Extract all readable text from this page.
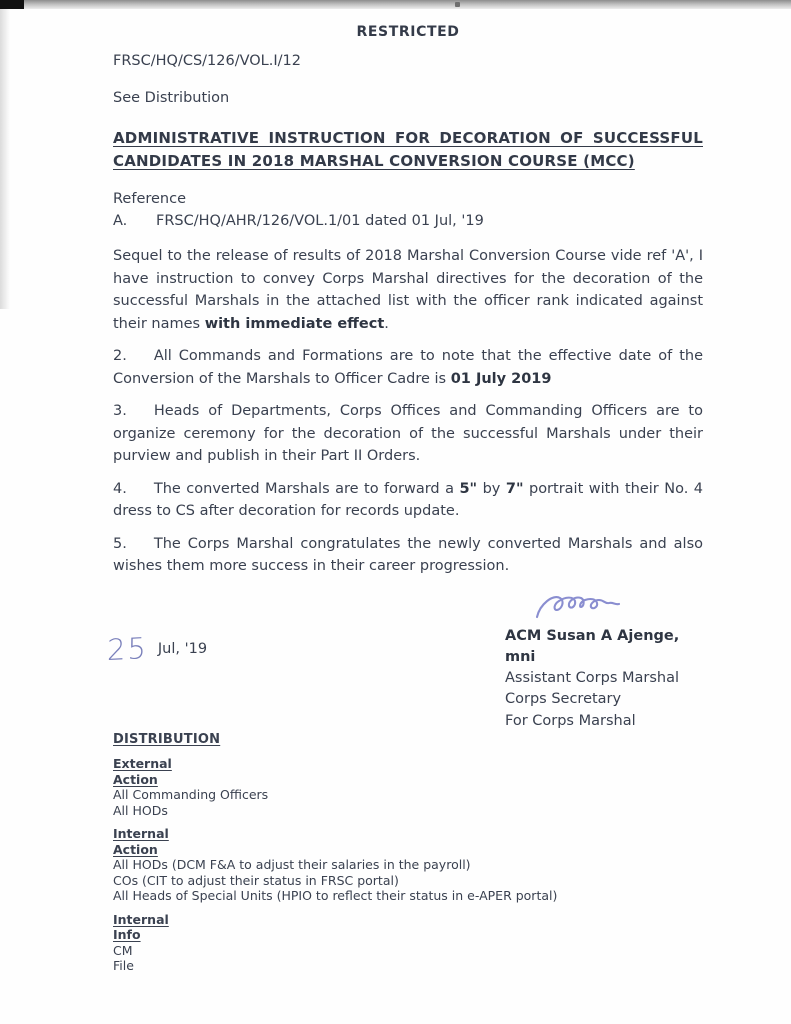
RESTRICTED
FRSC/HQ/CS/126/VOL.I/12
See Distribution
ADMINISTRATIVE INSTRUCTION FOR DECORATION OF SUCCESSFUL CANDIDATES IN 2018 MARSHAL CONVERSION COURSE (MCC)
Reference
A. FRSC/HQ/AHR/126/VOL.1/01 dated 01 Jul, '19

Sequel to the release of results of 2018 Marshal Conversion Course vide ref 'A', I have instruction to convey Corps Marshal directives for the decoration of the successful Marshals in the attached list with the officer rank indicated against their names with immediate effect.

2. All Commands and Formations are to note that the effective date of the Conversion of the Marshals to Officer Cadre is 01 July 2019

3. Heads of Departments, Corps Offices and Commanding Officers are to organize ceremony for the decoration of the successful Marshals under their purview and publish in their Part II Orders.

4. The converted Marshals are to forward a 5" by 7" portrait with their No. 4 dress to CS after decoration for records update.

5. The Corps Marshal congratulates the newly converted Marshals and also wishes them more success in their career progression.

25 Jul, '19
ACM Susan A Ajenge, mni
Assistant Corps Marshal
Corps Secretary
For Corps Marshal
DISTRIBUTION
External
Action
All Commanding Officers
All HODs
Internal
Action
All HODs (DCM F&A to adjust their salaries in the payroll)
COs (CIT to adjust their status in FRSC portal)
All Heads of Special Units (HPIO to reflect their status in e-APER portal)
Internal
Info
CM
File
